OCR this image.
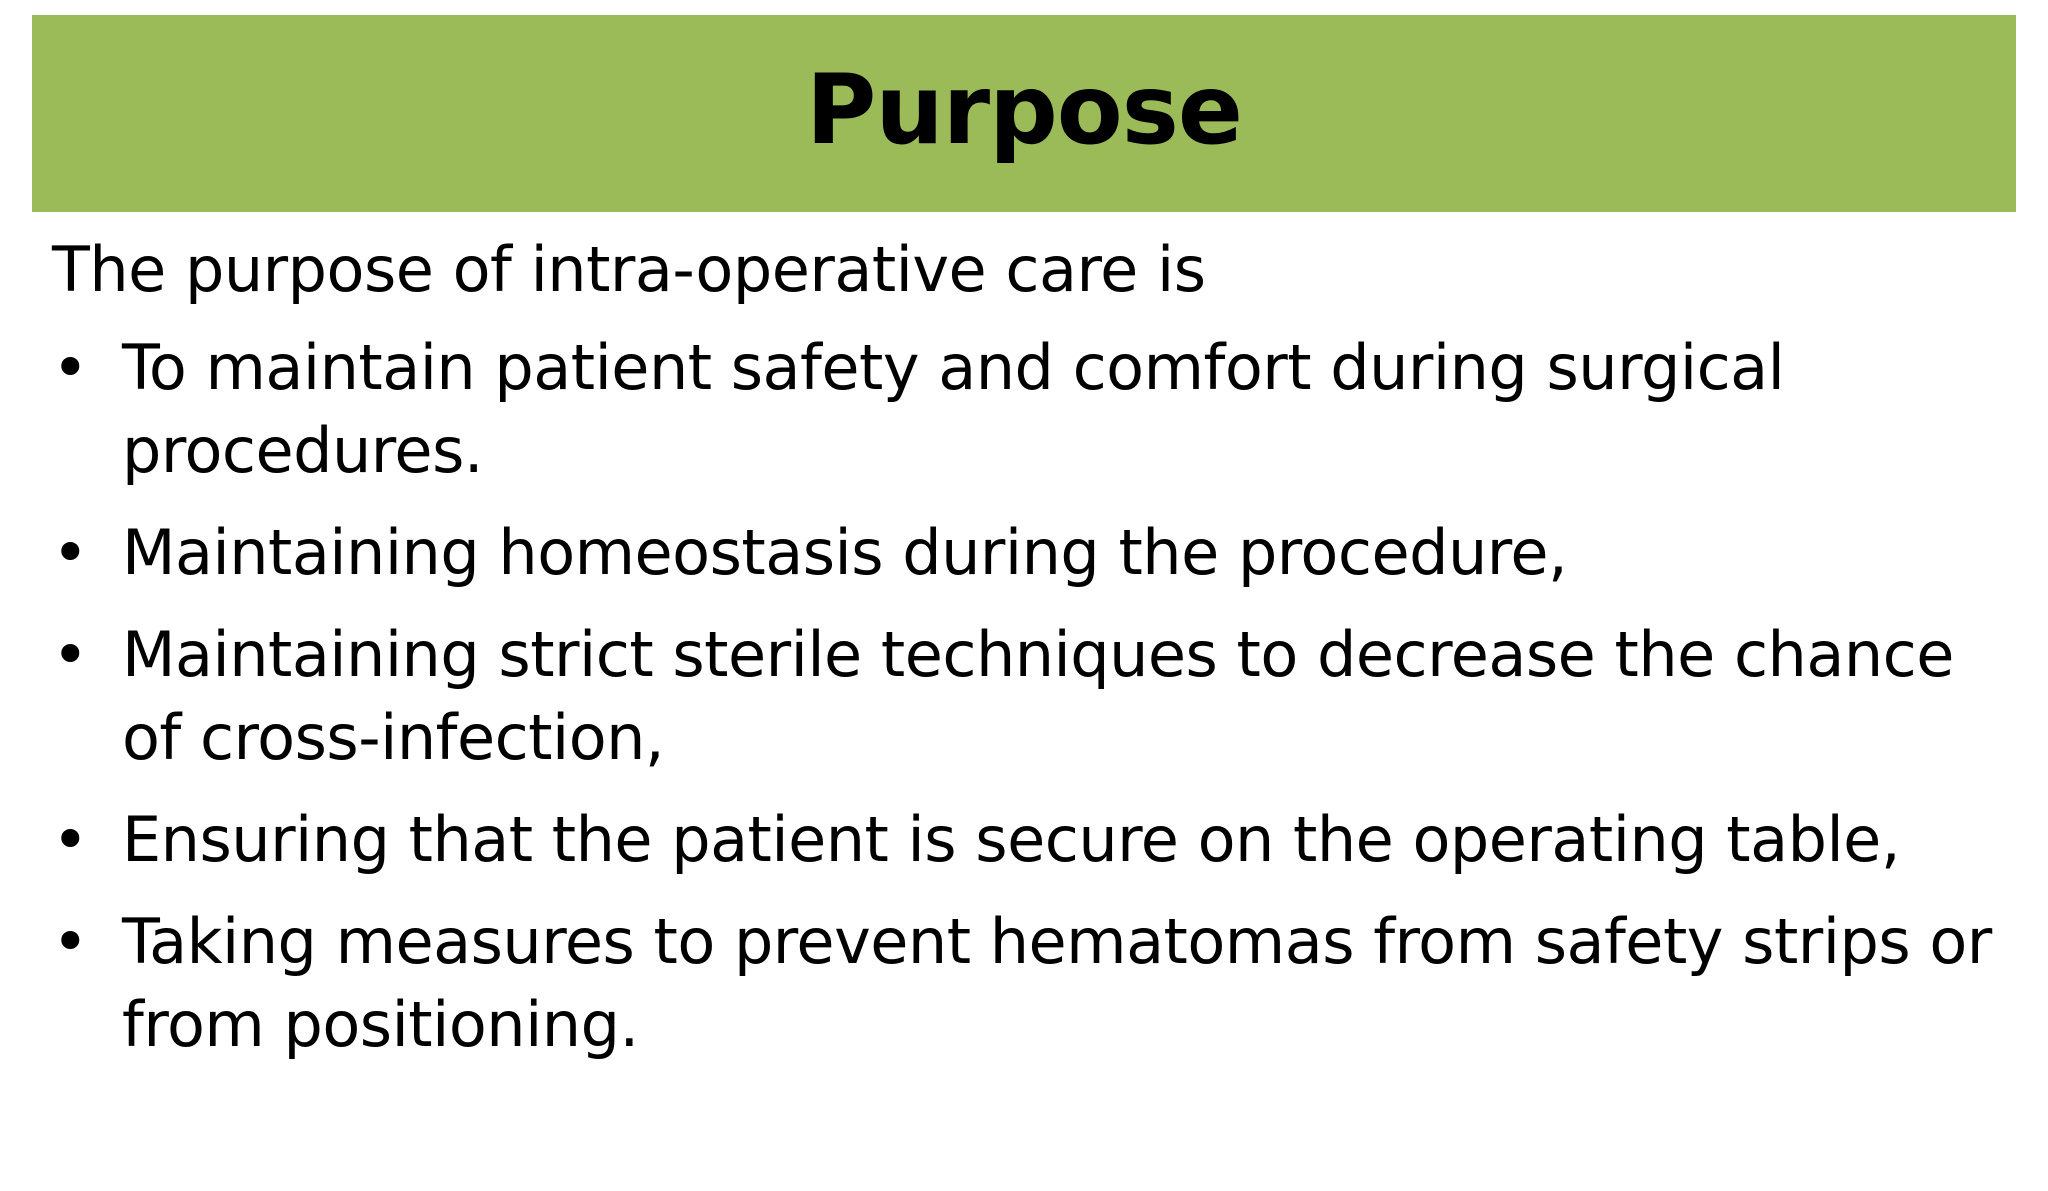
Purpose

The purpose of intra-operative care is

• To maintain patient safety and comfort during surgical procedures.
• Maintaining homeostasis during the procedure,
• Maintaining strict sterile techniques to decrease the chance of cross-infection,
• Ensuring that the patient is secure on the operating table,
• Taking measures to prevent hematomas from safety strips or from positioning.
